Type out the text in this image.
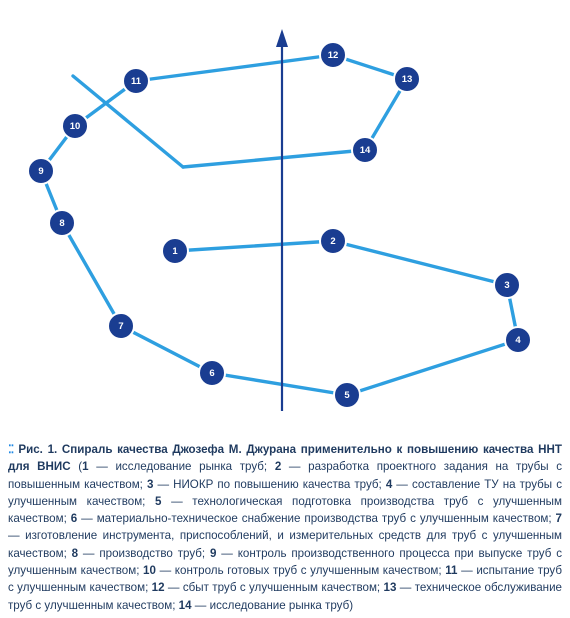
1
2
3
4
5
6
7
8
9
10
11
12
13
14
⁚⁚ Рис. 1. Спираль качества Джозефа М. Джурана применительно к повышению качества ННТ для ВНИС (1 — исследование рынка труб; 2 — разработка проектного задания на трубы с повышенным качеством; 3 — НИОКР по повышению качества труб; 4 — составление ТУ на трубы с улучшенным качеством; 5 — технологическая подготовка производства труб с улучшенным качеством; 6 — материально-техническое снабжение производства труб с улучшенным качеством; 7 — изготовление инструмента, приспособлений, и измерительных средств для труб с улучшенным качеством; 8 — производство труб; 9 — контроль производственного процесса при выпуске труб с улучшенным качеством; 10 — контроль готовых труб с улучшенным качеством; 11 — испытание труб с улучшенным качеством; 12 — сбыт труб с улучшенным качеством; 13 — техническое обслуживание труб с улучшенным качеством; 14 — исследование рынка труб)
